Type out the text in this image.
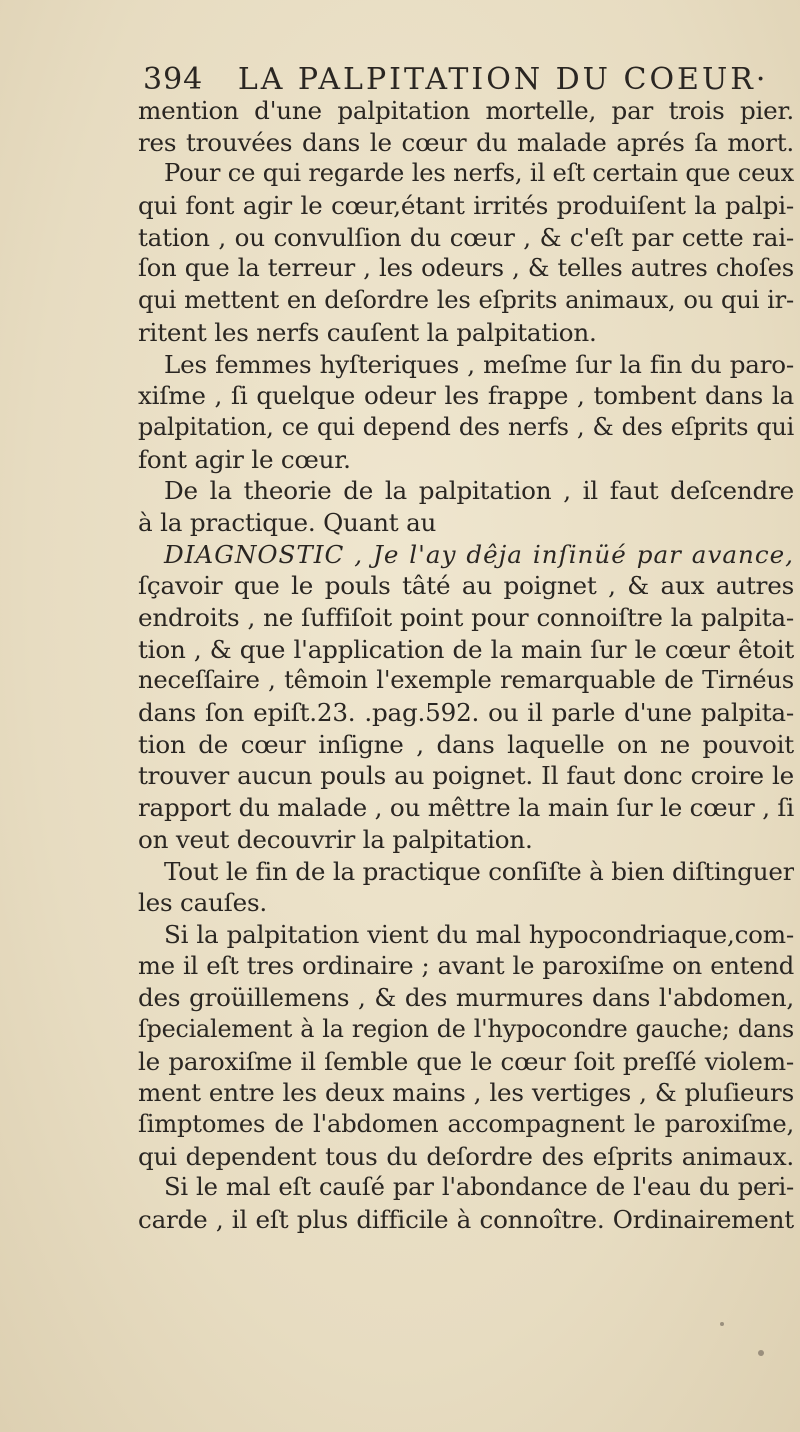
394 LA PALPITATION DU COEUR·
mention d'une palpitation mortelle, par trois pier.
res trouvées dans le cœur du malade aprés ſa mort.
Pour ce qui regarde les nerfs, il eſt certain que ceux
qui font agir le cœur,étant irrités produiſent la palpi-
tation , ou convulſion du cœur , & c'eſt par cette rai-
ſon que la terreur , les odeurs , & telles autres choſes
qui mettent en deſordre les eſprits animaux, ou qui ir-
ritent les nerfs cauſent la palpitation.
Les femmes hyſteriques , meſme ſur la fin du paro-
xiſme , ſi quelque odeur les frappe , tombent dans la
palpitation, ce qui depend des nerfs , & des eſprits qui
font agir le cœur.
De la theorie de la palpitation , il faut deſcendre
à la practique. Quant au
DIAGNOSTIC , Je l'ay dêja inſinüé par avance,
ſçavoir que le pouls tâté au poignet , & aux autres
endroits , ne ſuffiſoit point pour connoiſtre la palpita-
tion , & que l'application de la main ſur le cœur êtoit
neceſſaire , têmoin l'exemple remarquable de Tirnéus
dans ſon epiſt.23. .pag.592. ou il parle d'une palpita-
tion de cœur inſigne , dans laquelle on ne pouvoit
trouver aucun pouls au poignet. Il faut donc croire le
rapport du malade , ou mêttre la main ſur le cœur , ſi
on veut decouvrir la palpitation.
Tout le fin de la practique conſiſte à bien diſtinguer
les cauſes.
Si la palpitation vient du mal hypocondriaque,com-
me il eſt tres ordinaire ; avant le paroxiſme on entend
des groüillemens , & des murmures dans l'abdomen,
ſpecialement à la region de l'hypocondre gauche; dans
le paroxiſme il ſemble que le cœur ſoit preſſé violem-
ment entre les deux mains , les vertiges , & pluſieurs
ſimptomes de l'abdomen accompagnent le paroxiſme,
qui dependent tous du deſordre des eſprits animaux.
Si le mal eſt cauſé par l'abondance de l'eau du peri-
carde , il eſt plus difficile à connoître. Ordinairement
